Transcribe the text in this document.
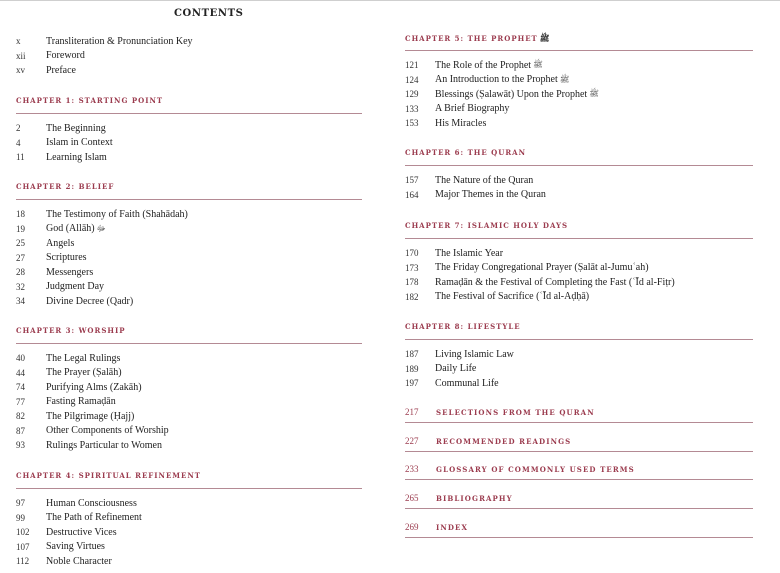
CONTENTS
x	Transliteration & Pronunciation Key
xii	Foreword
xv	Preface
CHAPTER 1: STARTING POINT
2	The Beginning
4	Islam in Context
11	Learning Islam
CHAPTER 2: BELIEF
18	The Testimony of Faith (Shahādah)
19	God (Allāh) ﷻ
25	Angels
27	Scriptures
28	Messengers
32	Judgment Day
34	Divine Decree (Qadr)
CHAPTER 3: WORSHIP
40	The Legal Rulings
44	The Prayer (Ṣalāh)
74	Purifying Alms (Zakāh)
77	Fasting Ramaḍān
82	The Pilgrimage (Ḥajj)
87	Other Components of Worship
93	Rulings Particular to Women
CHAPTER 4: SPIRITUAL REFINEMENT
97	Human Consciousness
99	The Path of Refinement
102	Destructive Vices
107	Saving Virtues
112	Noble Character
CHAPTER 5: THE PROPHET ﷺ
121	The Role of the Prophet ﷺ
124	An Introduction to the Prophet ﷺ
129	Blessings (Ṣalawāt) Upon the Prophet ﷺ
133	A Brief Biography
153	His Miracles
CHAPTER 6: THE QURAN
157	The Nature of the Quran
164	Major Themes in the Quran
CHAPTER 7: ISLAMIC HOLY DAYS
170	The Islamic Year
173	The Friday Congregational Prayer (Ṣalāt al-Jumuʿah)
178	Ramaḍān & the Festival of Completing the Fast (ʿĪd al-Fiṭr)
182	The Festival of Sacrifice (ʿĪd al-Aḍḥā)
CHAPTER 8: LIFESTYLE
187	Living Islamic Law
189	Daily Life
197	Communal Life
217	SELECTIONS FROM THE QURAN
227	RECOMMENDED READINGS
233	GLOSSARY OF COMMONLY USED TERMS
265	BIBLIOGRAPHY
269	INDEX
